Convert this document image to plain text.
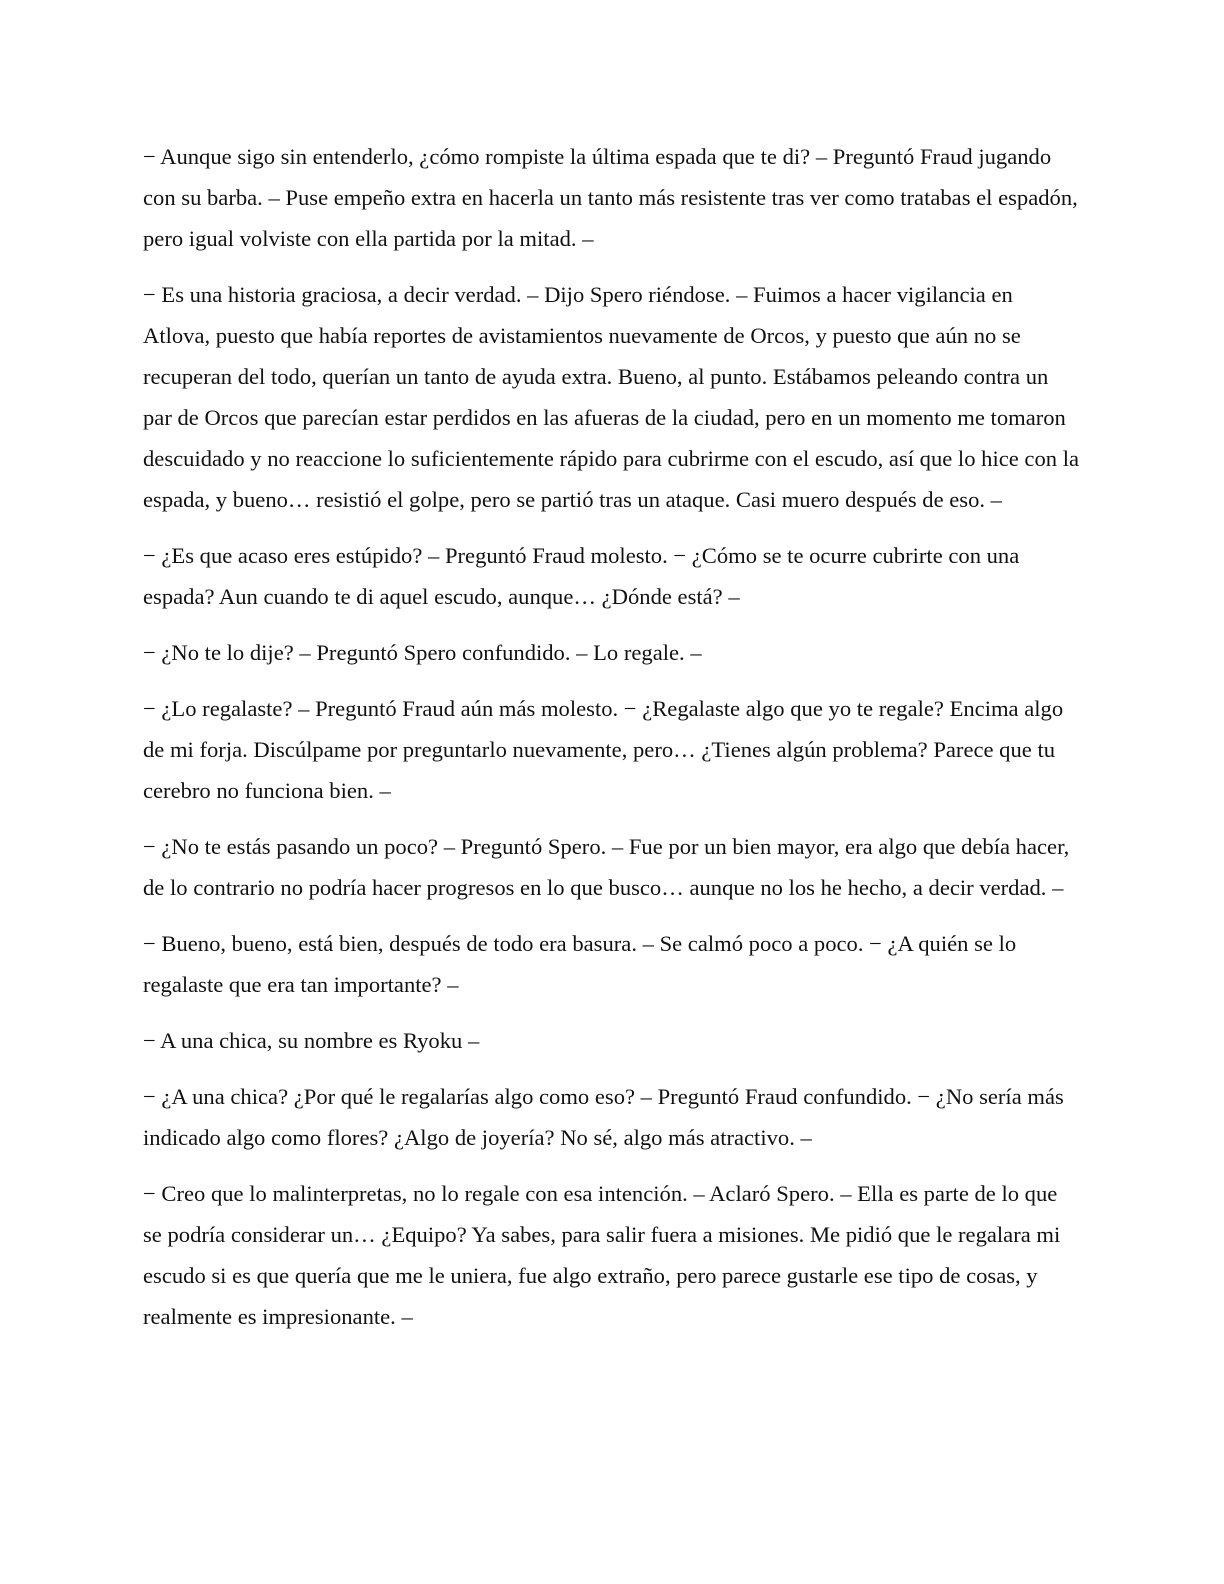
− Aunque sigo sin entenderlo, ¿cómo rompiste la última espada que te di? – Preguntó Fraud jugando con su barba. – Puse empeño extra en hacerla un tanto más resistente tras ver como tratabas el espadón, pero igual volviste con ella partida por la mitad. –

− Es una historia graciosa, a decir verdad. – Dijo Spero riéndose. – Fuimos a hacer vigilancia en Atlova, puesto que había reportes de avistamientos nuevamente de Orcos, y puesto que aún no se recuperan del todo, querían un tanto de ayuda extra. Bueno, al punto. Estábamos peleando contra un par de Orcos que parecían estar perdidos en las afueras de la ciudad, pero en un momento me tomaron descuidado y no reaccione lo suficientemente rápido para cubrirme con el escudo, así que lo hice con la espada, y bueno… resistió el golpe, pero se partió tras un ataque. Casi muero después de eso. –

− ¿Es que acaso eres estúpido? – Preguntó Fraud molesto. − ¿Cómo se te ocurre cubrirte con una espada? Aun cuando te di aquel escudo, aunque… ¿Dónde está? –

− ¿No te lo dije? – Preguntó Spero confundido. – Lo regale. –

− ¿Lo regalaste? – Preguntó Fraud aún más molesto. − ¿Regalaste algo que yo te regale? Encima algo de mi forja. Discúlpame por preguntarlo nuevamente, pero… ¿Tienes algún problema? Parece que tu cerebro no funciona bien. –

− ¿No te estás pasando un poco? – Preguntó Spero. – Fue por un bien mayor, era algo que debía hacer, de lo contrario no podría hacer progresos en lo que busco… aunque no los he hecho, a decir verdad. –

− Bueno, bueno, está bien, después de todo era basura. – Se calmó poco a poco. − ¿A quién se lo regalaste que era tan importante? –

− A una chica, su nombre es Ryoku –

− ¿A una chica? ¿Por qué le regalarías algo como eso? – Preguntó Fraud confundido. − ¿No sería más indicado algo como flores? ¿Algo de joyería? No sé, algo más atractivo. –

− Creo que lo malinterpretas, no lo regale con esa intención. – Aclaró Spero. – Ella es parte de lo que se podría considerar un… ¿Equipo? Ya sabes, para salir fuera a misiones. Me pidió que le regalara mi escudo si es que quería que me le uniera, fue algo extraño, pero parece gustarle ese tipo de cosas, y realmente es impresionante. –
